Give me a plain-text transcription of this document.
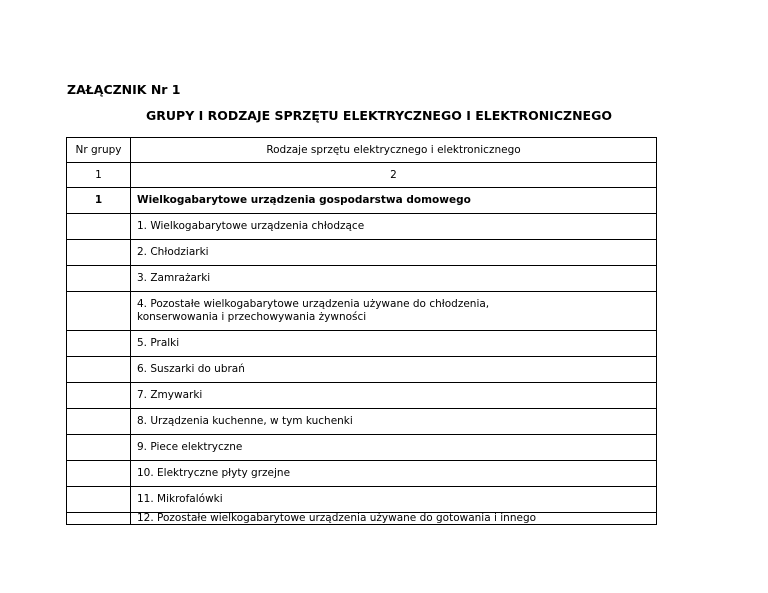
ZAŁĄCZNIK Nr 1
GRUPY I RODZAJE SPRZĘTU ELEKTRYCZNEGO I ELEKTRONICZNEGO
Nr grupy	Rodzaje sprzętu elektrycznego i elektronicznego
1	2
1	Wielkogabarytowe urządzenia gospodarstwa domowego

	1. Wielkogabarytowe urządzenia chłodzące

	2. Chłodziarki

	3. Zamrażarki

	4. Pozostałe wielkogabarytowe urządzenia używane do chłodzenia,
konserwowania i przechowywania żywności

	5. Pralki

	6. Suszarki do ubrań

	7. Zmywarki

	8. Urządzenia kuchenne, w tym kuchenki

	9. Piece elektryczne

	10. Elektryczne płyty grzejne

	11. Mikrofalówki

	12. Pozostałe wielkogabarytowe urządzenia używane do gotowania i innego
